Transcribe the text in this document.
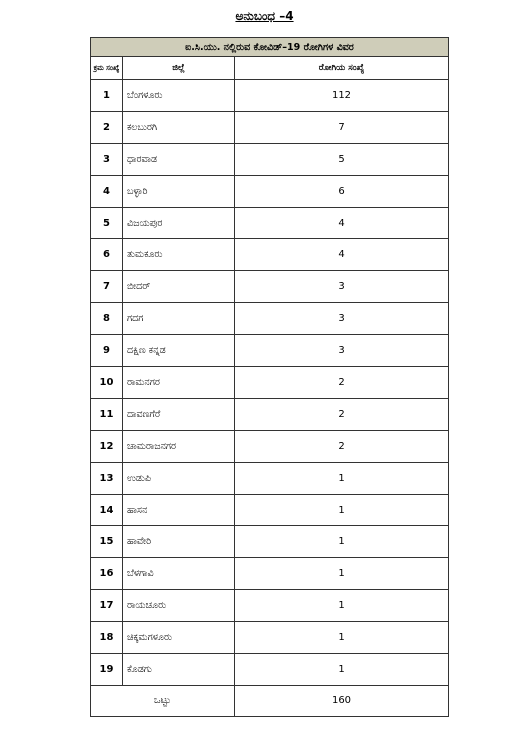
ಅನುಬಂಧ –4
ಐ.ಸಿ.ಯು. ನಲ್ಲಿರುವ ಕೋವಿಡ್–19 ರೋಗಿಗಳ ವಿವರ		
ಕ್ರಮ ಸಂಖ್ಯೆ	ಜಿಲ್ಲೆ	ರೋಗಿಯ ಸಂಖ್ಯೆ
1	ಬೆಂಗಳೂರು	112
2	ಕಲಬುರಗಿ	7
3	ಧಾರವಾಡ	5
4	ಬಳ್ಳಾರಿ	6
5	ವಿಜಯಪುರ	4
6	ತುಮಕೂರು	4
7	ಬೀದರ್	3
8	ಗದಗ	3
9	ದಕ್ಷಿಣ ಕನ್ನಡ	3
10	ರಾಮನಗರ	2
11	ದಾವಣಗೆರೆ	2
12	ಚಾಮರಾಜನಗರ	2
13	ಉಡುಪಿ	1
14	ಹಾಸನ	1
15	ಹಾವೇರಿ	1
16	ಬೆಳಗಾವಿ	1
17	ರಾಯಚೂರು	1
18	ಚಿಕ್ಕಮಗಳೂರು	1
19	ಕೊಡಗು	1
ಒಟ್ಟು		160
